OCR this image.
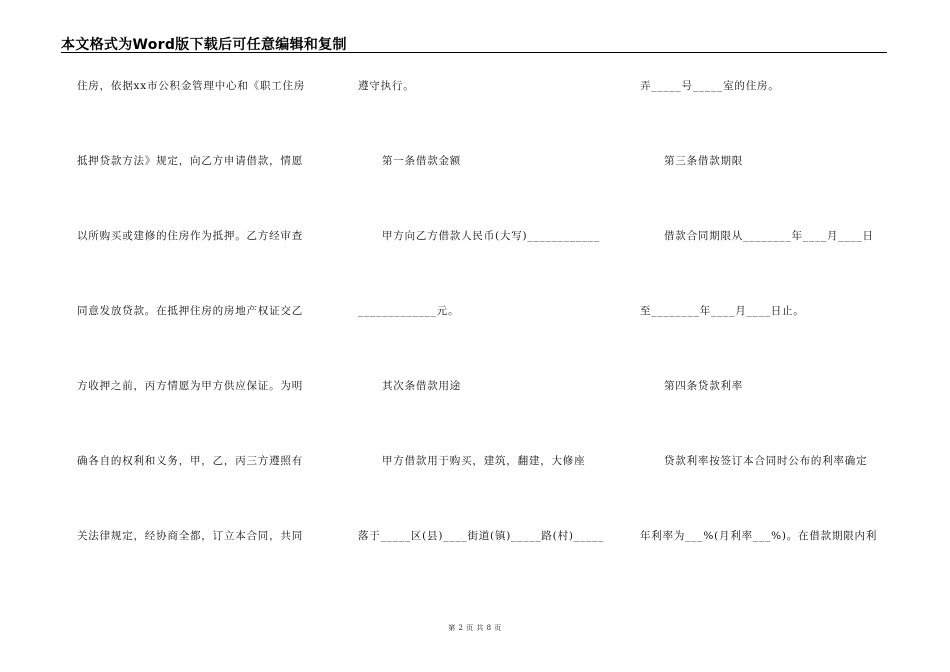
本文格式为Word版下载后可任意编辑和复制
住房，依据xx市公积金管理中心和《职工住房
抵押贷款方法》规定，向乙方申请借款，情愿
以所购买或建修的住房作为抵押。乙方经审查
同意发放贷款。在抵押住房的房地产权证交乙
方收押之前，丙方情愿为甲方供应保证。为明
确各自的权利和义务，甲，乙，丙三方遵照有
关法律规定，经协商全都，订立本合同，共同
遵守执行。
第一条借款金额
甲方向乙方借款人民币(大写)____________
_____________元。
其次条借款用途
甲方借款用于购买，建筑，翻建，大修座
落于_____区(县)____街道(镇)_____路(村)_____
弄_____号_____室的住房。
第三条借款期限
借款合同期限从________年____月____日
至________年____月____日止。
第四条贷款利率
贷款利率按签订本合同时公布的利率确定
年利率为___%(月利率___%)。在借款期限内利
第 2 页 共 8 页
